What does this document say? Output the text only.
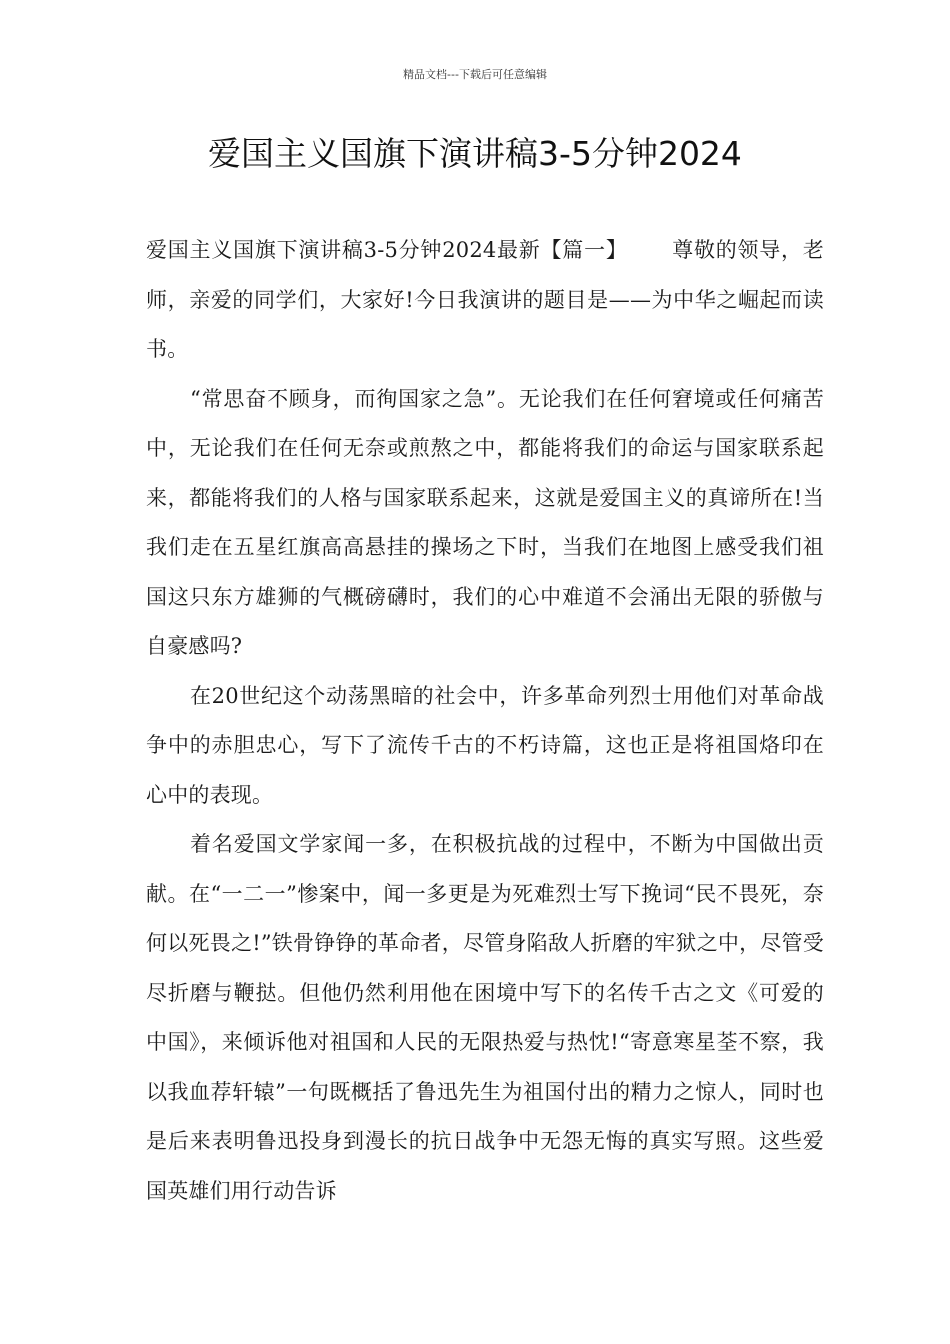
精品文档---下载后可任意编辑
爱国主义国旗下演讲稿3-5分钟2024

爱国主义国旗下演讲稿3-5分钟2024最新【篇一】 尊敬的领导，老师，亲爱的同学们，大家好!今日我演讲的题目是——为中华之崛起而读书。

“常思奋不顾身，而徇国家之急”。无论我们在任何窘境或任何痛苦中，无论我们在任何无奈或煎熬之中，都能将我们的命运与国家联系起来，都能将我们的人格与国家联系起来，这就是爱国主义的真谛所在!当我们走在五星红旗高高悬挂的操场之下时，当我们在地图上感受我们祖国这只东方雄狮的气概磅礴时，我们的心中难道不会涌出无限的骄傲与自豪感吗?

在20世纪这个动荡黑暗的社会中，许多革命列烈士用他们对革命战争中的赤胆忠心，写下了流传千古的不朽诗篇，这也正是将祖国烙印在心中的表现。

着名爱国文学家闻一多，在积极抗战的过程中，不断为中国做出贡献。在“一二一”惨案中，闻一多更是为死难烈士写下挽词“民不畏死，奈何以死畏之!”铁骨铮铮的革命者，尽管身陷敌人折磨的牢狱之中，尽管受尽折磨与鞭挞。但他仍然利用他在困境中写下的名传千古之文《可爱的中国》，来倾诉他对祖国和人民的无限热爱与热忱!“寄意寒星荃不察，我以我血荐轩辕”一句既概括了鲁迅先生为祖国付出的精力之惊人，同时也是后来表明鲁迅投身到漫长的抗日战争中无怨无悔的真实写照。这些爱国英雄们用行动告诉
